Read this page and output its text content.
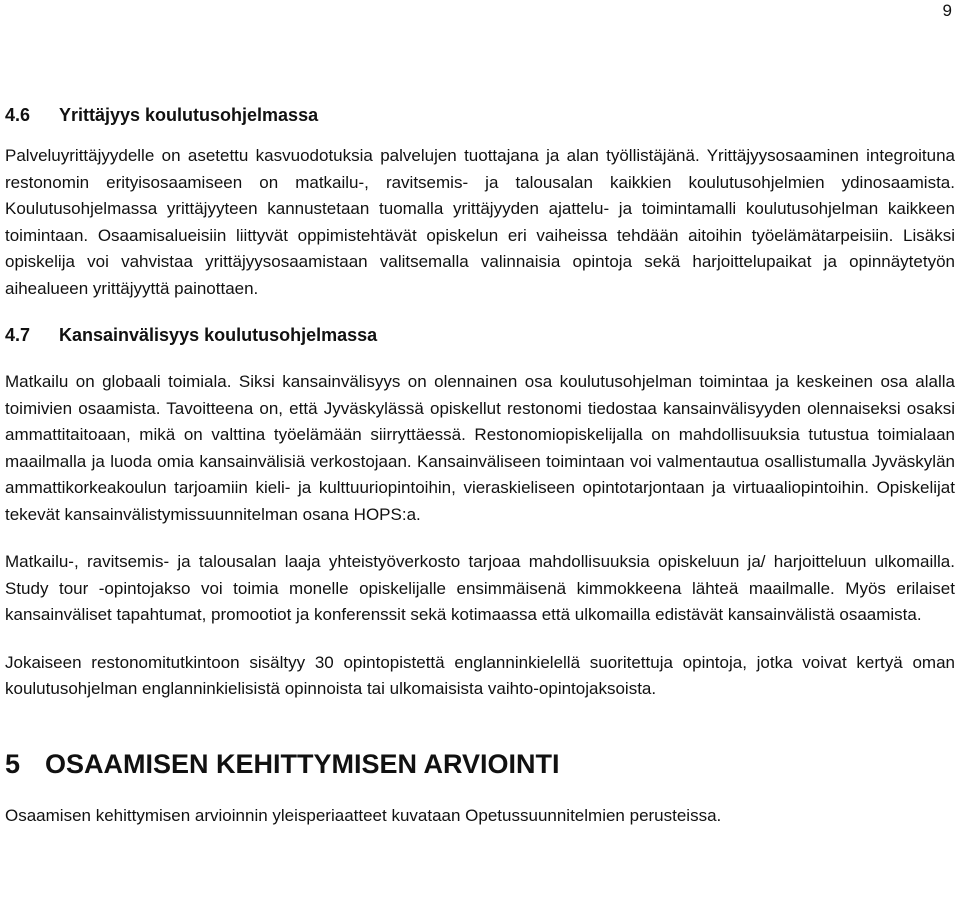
9
4.6	Yrittäjyys koulutusohjelmassa

Palveluyrittäjyydelle on asetettu kasvuodotuksia palvelujen tuottajana ja alan työllistäjänä. Yrittäjyysosaaminen integroituna restonomin erityisosaamiseen on matkailu-, ravitsemis- ja talousalan kaikkien koulutusohjelmien ydinosaamista. Koulutusohjelmassa yrittäjyyteen kannustetaan tuomalla yrittäjyyden ajattelu- ja toimintamalli koulutusohjelman kaikkeen toimintaan. Osaamisalueisiin liittyvät oppimistehtävät opiskelun eri vaiheissa tehdään aitoihin työelämätarpeisiin. Lisäksi opiskelija voi vahvistaa yrittäjyysosaamistaan valitsemalla valinnaisia opintoja sekä harjoittelupaikat ja opinnäytetyön aihealueen yrittäjyyttä painottaen.

4.7	Kansainvälisyys koulutusohjelmassa

Matkailu on globaali toimiala. Siksi kansainvälisyys on olennainen osa koulutusohjelman toimintaa ja keskeinen osa alalla toimivien osaamista. Tavoitteena on, että Jyväskylässä opiskellut restonomi tiedostaa kansainvälisyyden olennaiseksi osaksi ammattitaitoaan, mikä on valttina työelämään siirryttäessä. Restonomiopiskelijalla on mahdollisuuksia tutustua toimialaan maailmalla ja luoda omia kansainvälisiä verkostojaan. Kansainväliseen toimintaan voi valmentautua osallistumalla Jyväskylän ammattikorkeakoulun tarjoamiin kieli- ja kulttuuriopintoihin, vieraskieliseen opintotarjontaan ja virtuaaliopintoihin. Opiskelijat tekevät kansainvälistymissuunnitelman osana HOPS:a.

Matkailu-, ravitsemis- ja talousalan laaja yhteistyöverkosto tarjoaa mahdollisuuksia opiskeluun ja/ harjoitteluun ulkomailla. Study tour -opintojakso voi toimia monelle opiskelijalle ensimmäisenä kimmokkeena lähteä maailmalle. Myös erilaiset kansainväliset tapahtumat, promootiot ja konferenssit sekä kotimaassa että ulkomailla edistävät kansainvälistä osaamista.

Jokaiseen restonomitutkintoon sisältyy 30 opintopistettä englanninkielellä suoritettuja opintoja, jotka voivat kertyä oman koulutusohjelman englanninkielisistä opinnoista tai ulkomaisista vaihto-opintojaksoista.

5 OSAAMISEN KEHITTYMISEN ARVIOINTI

Osaamisen kehittymisen arvioinnin yleisperiaatteet kuvataan Opetussuunnitelmien perusteissa.
